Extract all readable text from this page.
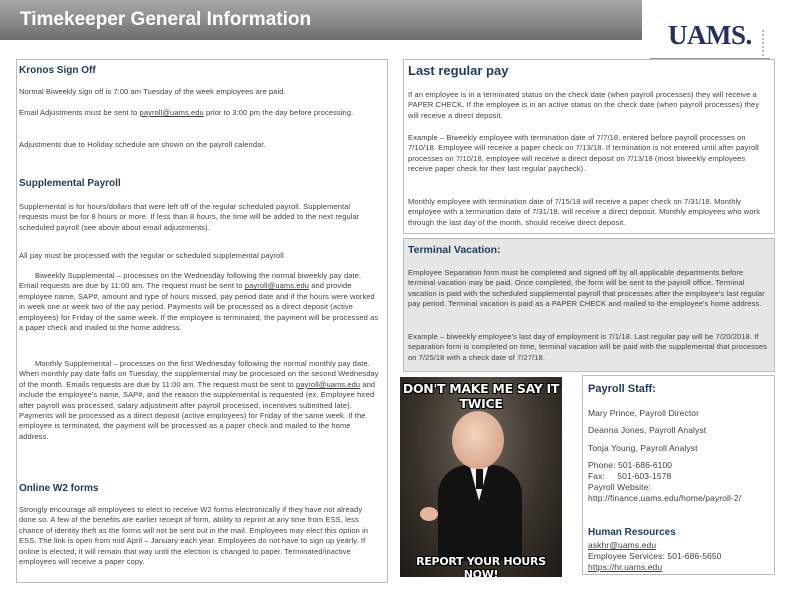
Timekeeper General Information
UAMS.
Kronos Sign Off
Normal Biweekly sign off is 7:00 am Tuesday of the week employees are paid.
Email Adjustments must be sent to payroll@uams.edu prior to 3:00 pm the day before processing.
Adjustments due to Holiday schedule are shown on the payroll calendar.
Supplemental Payroll
Supplemental is for hours/dollars that were left off of the regular scheduled payroll. Supplemental requests must be for 8 hours or more. If less than 8 hours, the time will be added to the next regular scheduled payroll (see above about email adjustments).
All pay must be processed with the regular or scheduled supplemental payroll.
Biweekly Supplemental – processes on the Wednesday following the normal biweekly pay date. Email requests are due by 11:00 am. The request must be sent to payroll@uams.edu and provide employee name, SAP#, amount and type of hours missed, pay period date and if the hours were worked in week one or week two of the pay period. Payments will be processed as a direct deposit (active employees) for Friday of the same week. If the employee is terminated, the payment will be processed as a paper check and mailed to the home address.
Monthly Supplemental – processes on the first Wednesday following the normal monthly pay date. When monthly pay date falls on Tuesday, the supplemental may be processed on the second Wednesday of the month. Emails requests are due by 11:00 am. The request must be sent to payroll@uams.edu and include the employee's name, SAP#, and the reason the supplemental is requested (ex. Employee hired after payroll was processed, salary adjustment after payroll processed, incentives submitted late). Payments will be processed as a direct deposit (active employees) for Friday of the same week. If the employee is terminated, the payment will be processed as a paper check and mailed to the home address.
Online W2 forms
Strongly encourage all employees to elect to receive W2 forms electronically if they have not already done so. A few of the benefits are earlier receipt of form, ability to reprint at any time from ESS, less chance of identity theft as the forms will not be sent out in the mail. Employees may elect this option in ESS. The link is open from mid April – January each year. Employees do not have to sign up yearly. If online is elected, it will remain that way until the election is changed to paper. Terminated/inactive employees will receive a paper copy.
Last regular pay
If an employee is in a terminated status on the check date (when payroll processes) they will receive a PAPER CHECK. If the employee is in an active status on the check date (when payroll processes) they will receive a direct deposit.
Example – Biweekly employee with termination date of 7/7/18, entered before payroll processes on 7/10/18. Employee will receive a paper check on 7/13/18. If termination is not entered until after payroll processes on 7/10/18, employee will receive a direct deposit on 7/13/18 (most biweekly employees receive paper check for their last regular paycheck).
Monthly employee with termination date of 7/15/18 will receive a paper check on 7/31/18. Monthly employee with a termination date of 7/31/18, will receive a direct deposit. Monthly employees who work through the last day of the month, should receive direct deposit.
Terminal Vacation:
Employee Separation form must be completed and signed off by all applicable departments before terminal vacation may be paid. Once completed, the form will be sent to the payroll office. Terminal vacation is paid with the scheduled supplemental payroll that processes after the employee's last regular pay period. Terminal vacation is paid as a PAPER CHECK and mailed to the employee's home address.
Example – biweekly employee's last day of employment is 7/1/18. Last regular pay will be 7/20/2018. If separation form is completed on time, terminal vacation will be paid with the supplemental that processes on 7/25/18 with a check date of 7/27/18.
DON'T MAKE ME SAY IT TWICE
REPORT YOUR HOURS NOW!
Payroll Staff:
Mary Prince, Payroll Director
Deanna Jones, Payroll Analyst
Tonja Young, Payroll Analyst
Phone: 501-686-6100
Fax:     501-603-1578
Payroll Website:
http://finance.uams.edu/home/payroll-2/
Human Resources
askhr@uams.edu
Employee Services: 501-686-5650
https://hr.uams.edu
